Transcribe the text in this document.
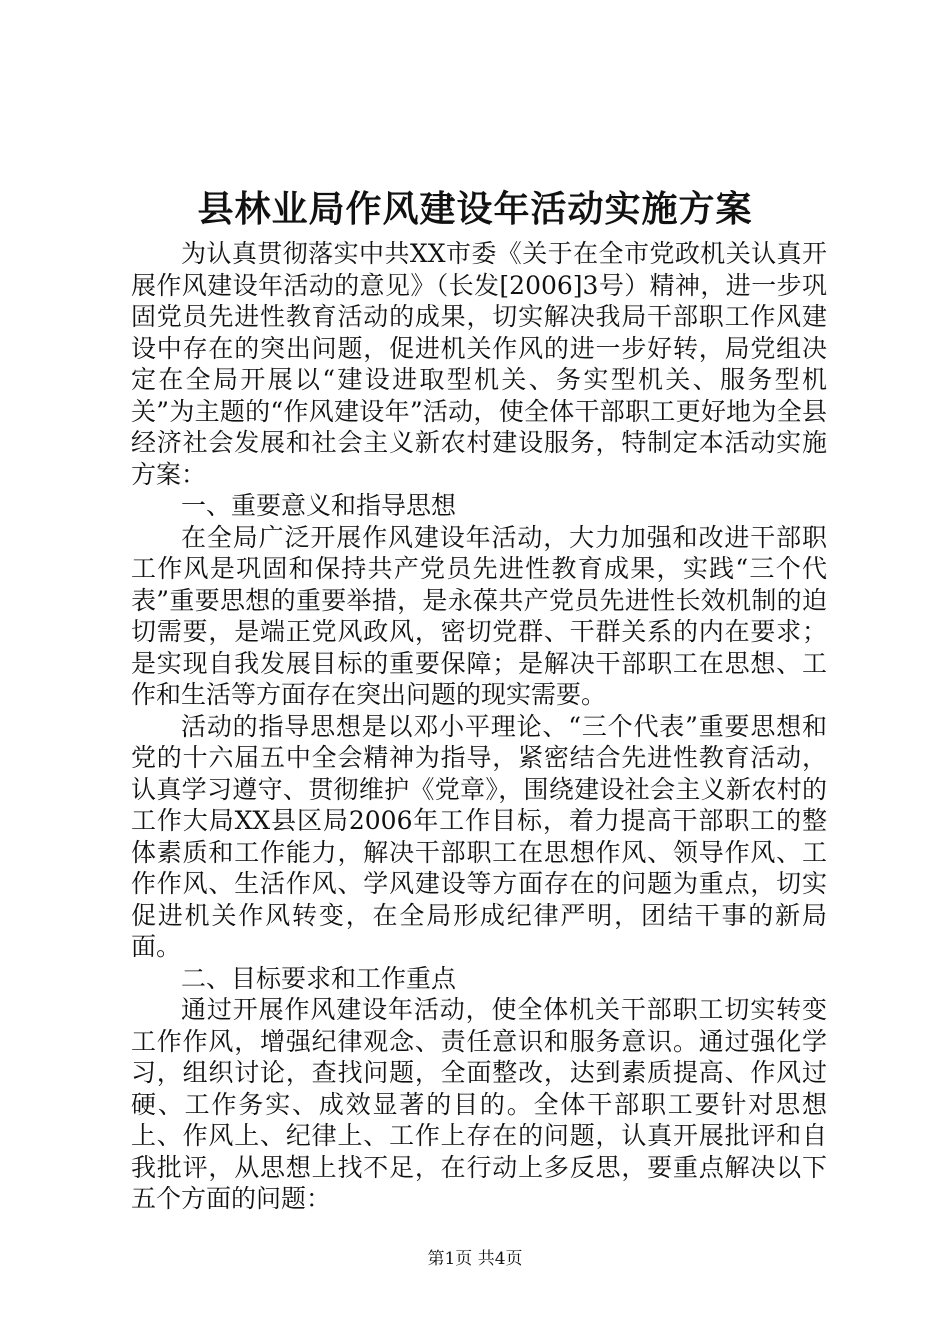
县林业局作风建设年活动实施方案

为认真贯彻落实中共XX市委《关于在全市党政机关认真开展作风建设年活动的意见》（长发[2006]3号）精神，进一步巩固党员先进性教育活动的成果，切实解决我局干部职工作风建设中存在的突出问题，促进机关作风的进一步好转，局党组决定在全局开展以“建设进取型机关、务实型机关、服务型机关”为主题的“作风建设年”活动，使全体干部职工更好地为全县经济社会发展和社会主义新农村建设服务，特制定本活动实施方案：

一、重要意义和指导思想

在全局广泛开展作风建设年活动，大力加强和改进干部职工作风是巩固和保持共产党员先进性教育成果，实践“三个代表”重要思想的重要举措，是永葆共产党员先进性长效机制的迫切需要，是端正党风政风，密切党群、干群关系的内在要求；是实现自我发展目标的重要保障；是解决干部职工在思想、工作和生活等方面存在突出问题的现实需要。

活动的指导思想是以邓小平理论、“三个代表”重要思想和党的十六届五中全会精神为指导，紧密结合先进性教育活动，认真学习遵守、贯彻维护《党章》，围绕建设社会主义新农村的工作大局XX县区局2006年工作目标，着力提高干部职工的整体素质和工作能力，解决干部职工在思想作风、领导作风、工作作风、生活作风、学风建设等方面存在的问题为重点，切实促进机关作风转变，在全局形成纪律严明，团结干事的新局面。

二、目标要求和工作重点

通过开展作风建设年活动，使全体机关干部职工切实转变工作作风，增强纪律观念、责任意识和服务意识。通过强化学习，组织讨论，查找问题，全面整改，达到素质提高、作风过硬、工作务实、成效显著的目的。全体干部职工要针对思想上、作风上、纪律上、工作上存在的问题，认真开展批评和自我批评，从思想上找不足，在行动上多反思，要重点解决以下五个方面的问题：

第1页 共4页
